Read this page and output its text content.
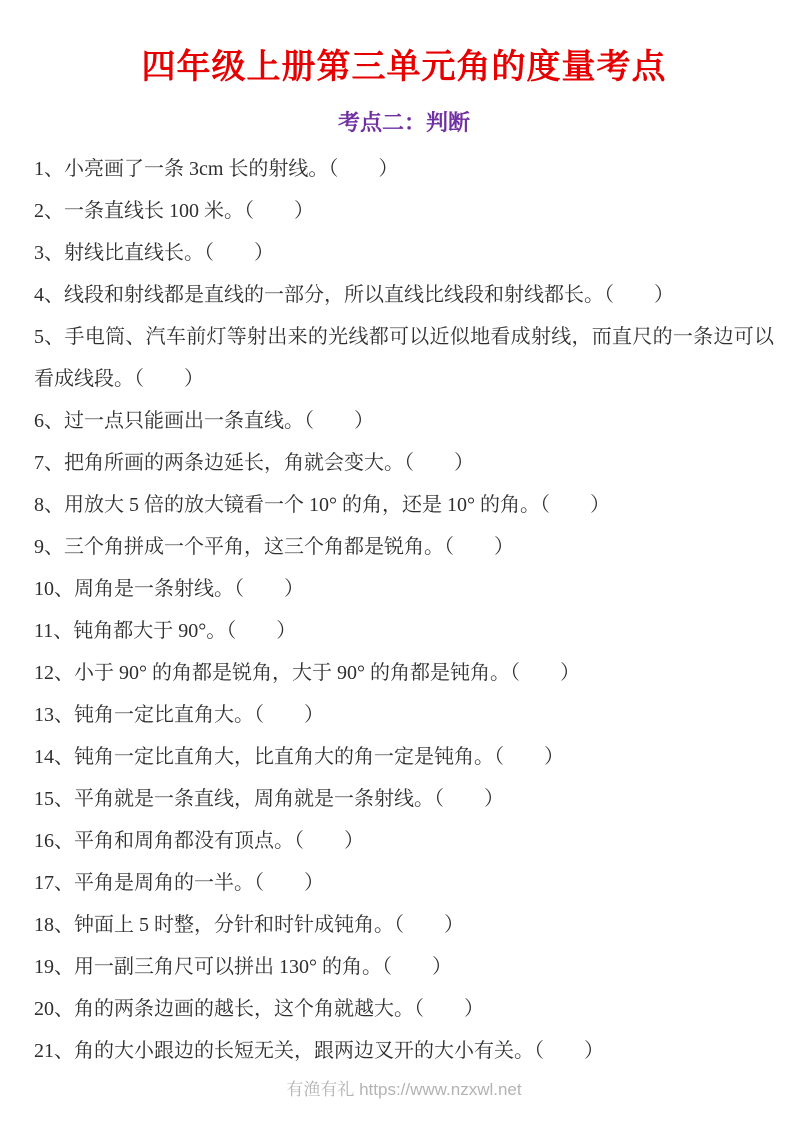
四年级上册第三单元角的度量考点
考点二：判断

1、小亮画了一条 3cm 长的射线。（　　）

2、一条直线长 100 米。（　　）

3、射线比直线长。（　　）

4、线段和射线都是直线的一部分，所以直线比线段和射线都长。（　　）

5、手电筒、汽车前灯等射出来的光线都可以近似地看成射线，而直尺的一条边可以看成线段。（　　）

6、过一点只能画出一条直线。（　　）

7、把角所画的两条边延长，角就会变大。（　　）

8、用放大 5 倍的放大镜看一个 10° 的角，还是 10° 的角。（　　）

9、三个角拼成一个平角，这三个角都是锐角。（　　）

10、周角是一条射线。（　　）

11、钝角都大于 90°。（　　）

12、小于 90° 的角都是锐角，大于 90° 的角都是钝角。（　　）

13、钝角一定比直角大。（　　）

14、钝角一定比直角大，比直角大的角一定是钝角。（　　）

15、平角就是一条直线，周角就是一条射线。（　　）

16、平角和周角都没有顶点。（　　）

17、平角是周角的一半。（　　）

18、钟面上 5 时整，分针和时针成钝角。（　　）

19、用一副三角尺可以拼出 130° 的角。（　　）

20、角的两条边画的越长，这个角就越大。（　　）

21、角的大小跟边的长短无关，跟两边叉开的大小有关。（　　）

有渔有礼 https://www.nzxwl.net
